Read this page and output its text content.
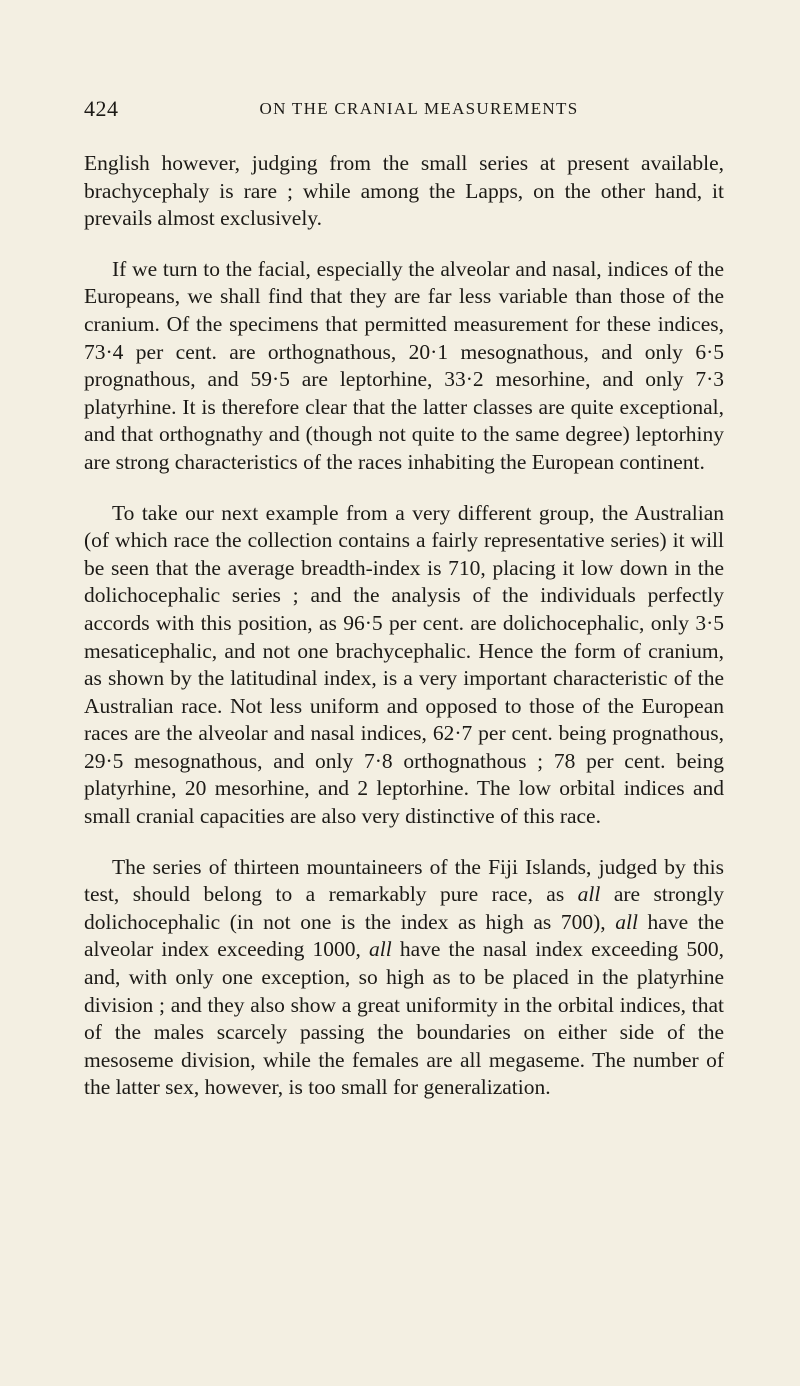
424	ON THE CRANIAL MEASUREMENTS

English however, judging from the small series at present available, brachycephaly is rare ; while among the Lapps, on the other hand, it prevails almost exclusively.

If we turn to the facial, especially the alveolar and nasal, indices of the Europeans, we shall find that they are far less variable than those of the cranium. Of the specimens that permitted measurement for these indices, 73·4 per cent. are orthognathous, 20·1 mesognathous, and only 6·5 prognathous, and 59·5 are leptorhine, 33·2 mesorhine, and only 7·3 platyrhine. It is therefore clear that the latter classes are quite exceptional, and that orthognathy and (though not quite to the same degree) leptorhiny are strong characteristics of the races inhabiting the European continent.

To take our next example from a very different group, the Australian (of which race the collection contains a fairly representative series) it will be seen that the average breadth-index is 710, placing it low down in the dolichocephalic series ; and the analysis of the individuals perfectly accords with this position, as 96·5 per cent. are dolichocephalic, only 3·5 mesaticephalic, and not one brachycephalic. Hence the form of cranium, as shown by the latitudinal index, is a very important characteristic of the Australian race. Not less uniform and opposed to those of the European races are the alveolar and nasal indices, 62·7 per cent. being prognathous, 29·5 mesognathous, and only 7·8 orthognathous ; 78 per cent. being platyrhine, 20 mesorhine, and 2 leptorhine. The low orbital indices and small cranial capacities are also very distinctive of this race.

The series of thirteen mountaineers of the Fiji Islands, judged by this test, should belong to a remarkably pure race, as all are strongly dolichocephalic (in not one is the index as high as 700), all have the alveolar index exceeding 1000, all have the nasal index exceeding 500, and, with only one exception, so high as to be placed in the platyrhine division ; and they also show a great uniformity in the orbital indices, that of the males scarcely passing the boundaries on either side of the mesoseme division, while the females are all megaseme. The number of the latter sex, however, is too small for generalization.
